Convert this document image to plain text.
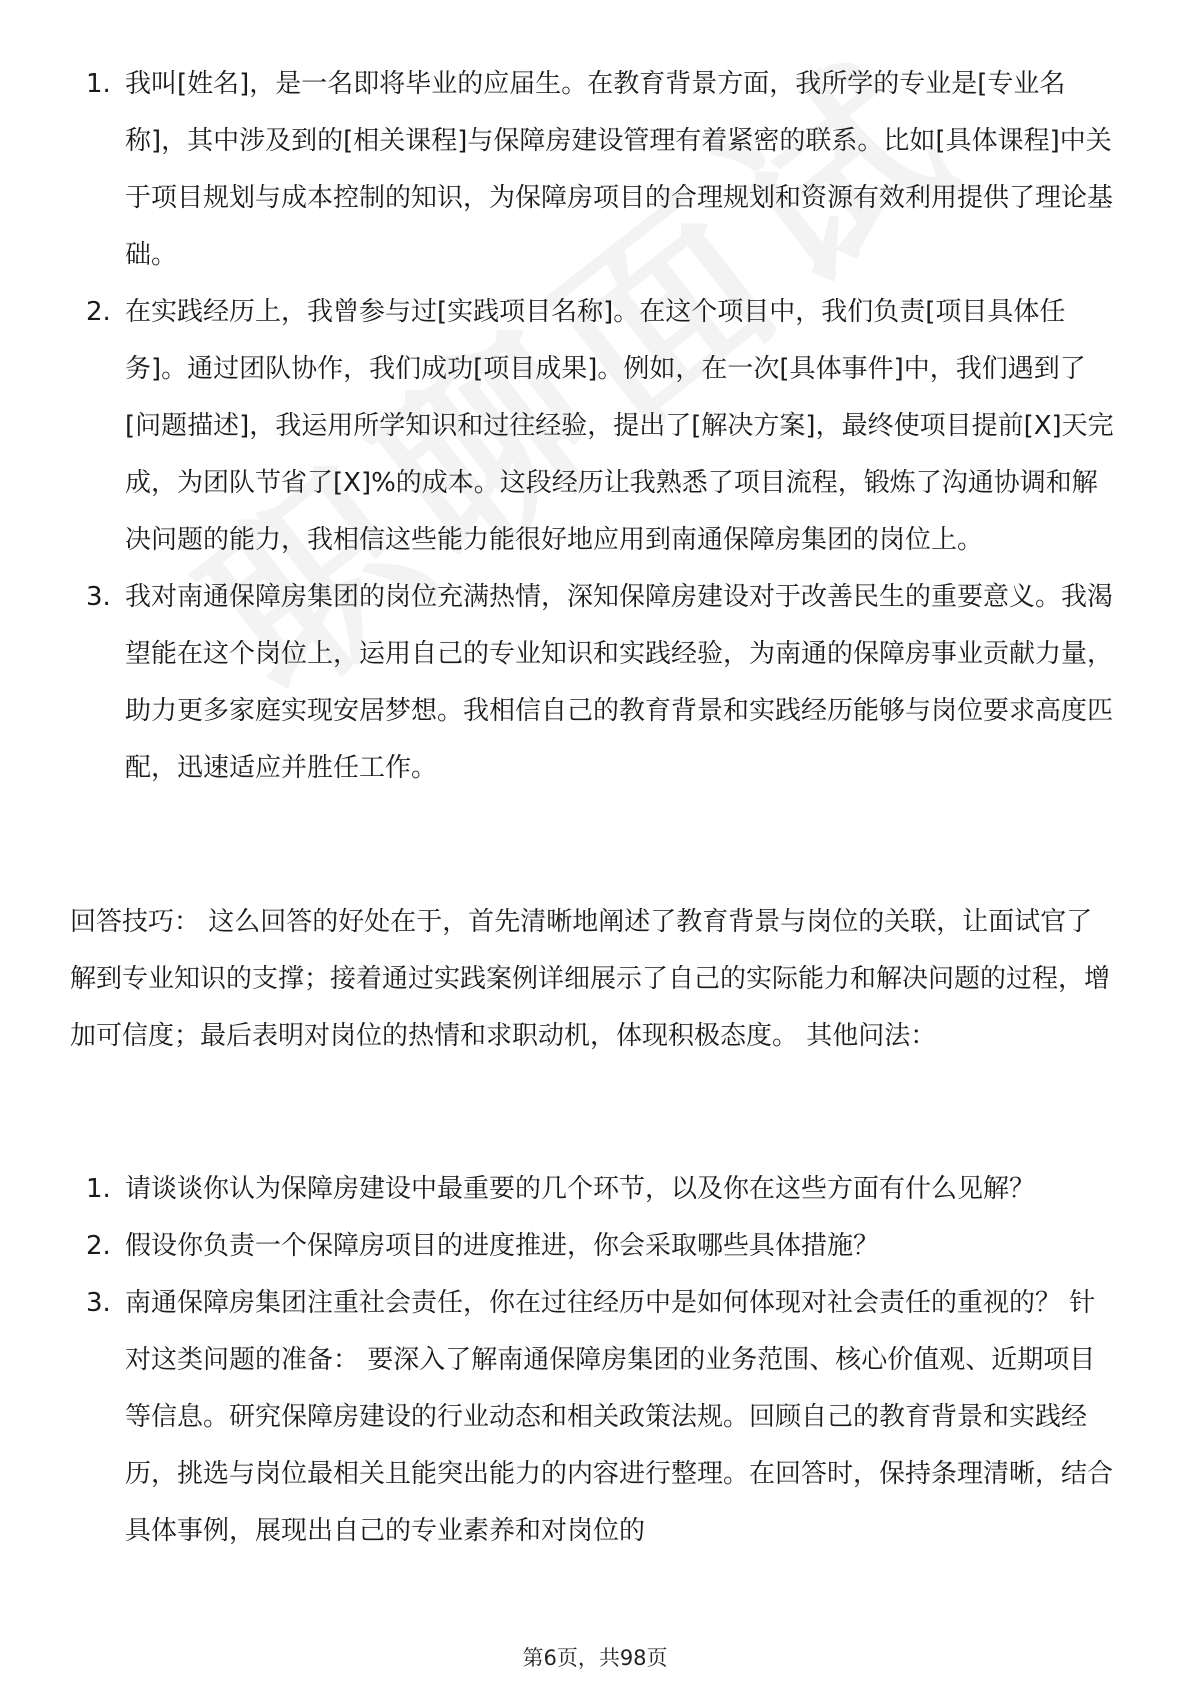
1. 我叫[姓名]，是一名即将毕业的应届生。在教育背景方面，我所学的专业是[专业名称]，其中涉及到的[相关课程]与保障房建设管理有着紧密的联系。比如[具体课程]中关于项目规划与成本控制的知识，为保障房项目的合理规划和资源有效利用提供了理论基础。
2. 在实践经历上，我曾参与过[实践项目名称]。在这个项目中，我们负责[项目具体任务]。通过团队协作，我们成功[项目成果]。例如，在一次[具体事件]中，我们遇到了[问题描述]，我运用所学知识和过往经验，提出了[解决方案]，最终使项目提前[X]天完成，为团队节省了[X]%的成本。这段经历让我熟悉了项目流程，锻炼了沟通协调和解决问题的能力，我相信这些能力能很好地应用到南通保障房集团的岗位上。
3. 我对南通保障房集团的岗位充满热情，深知保障房建设对于改善民生的重要意义。我渴望能在这个岗位上，运用自己的专业知识和实践经验，为南通的保障房事业贡献力量，助力更多家庭实现安居梦想。我相信自己的教育背景和实践经历能够与岗位要求高度匹配，迅速适应并胜任工作。
回答技巧： 这么回答的好处在于，首先清晰地阐述了教育背景与岗位的关联，让面试官了解到专业知识的支撑；接着通过实践案例详细展示了自己的实际能力和解决问题的过程，增加可信度；最后表明对岗位的热情和求职动机，体现积极态度。 其他问法：
1. 请谈谈你认为保障房建设中最重要的几个环节，以及你在这些方面有什么见解？
2. 假设你负责一个保障房项目的进度推进，你会采取哪些具体措施？
3. 南通保障房集团注重社会责任，你在过往经历中是如何体现对社会责任的重视的？ 针对这类问题的准备： 要深入了解南通保障房集团的业务范围、核心价值观、近期项目等信息。研究保障房建设的行业动态和相关政策法规。回顾自己的教育背景和实践经历，挑选与岗位最相关且能突出能力的内容进行整理。在回答时，保持条理清晰，结合具体事例，展现出自己的专业素养和对岗位的
第6页，共98页
